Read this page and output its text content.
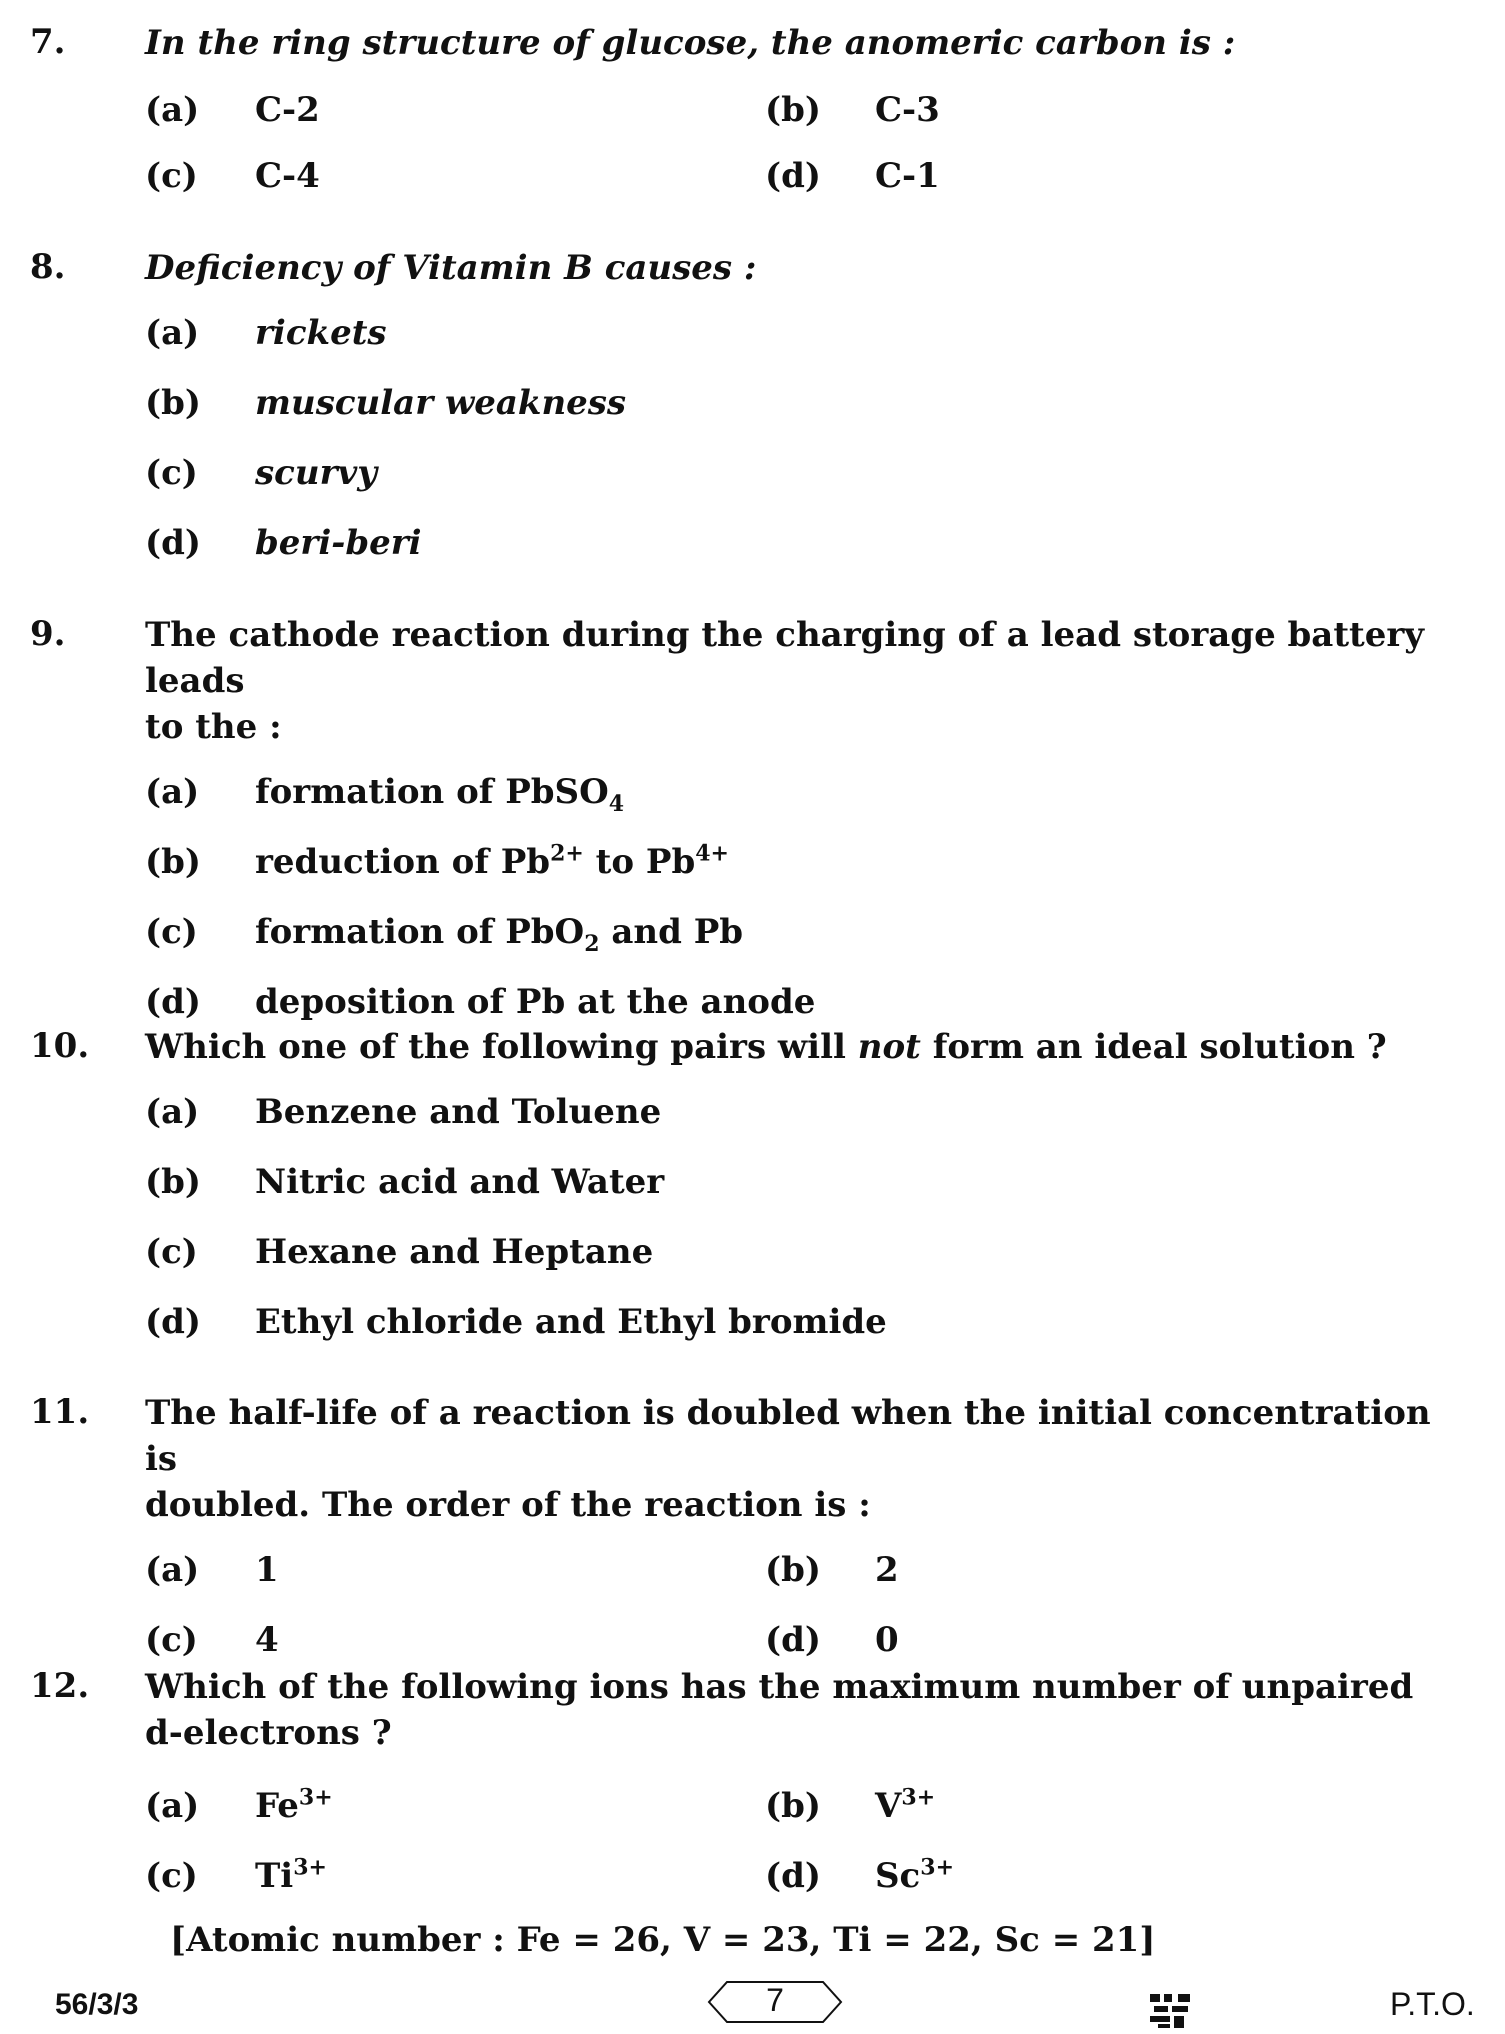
7.	In the ring structure of glucose, the anomeric carbon is :
(a) C-2	(b) C-3
(c) C-4	(d) C-1
8.	Deficiency of Vitamin B causes :
(a) rickets
(b) muscular weakness
(c) scurvy
(d) beri-beri
9.	The cathode reaction during the charging of a lead storage battery leads
to the :
(a) formation of PbSO$_4$
(b) reduction of $Pb^{2+}$ to $Pb^{4+}$
(c) formation of PbO$_2$ and Pb
(d) deposition of Pb at the anode
10.	Which one of the following pairs will not form an ideal solution ?
(a) Benzene and Toluene
(b) Nitric acid and Water
(c) Hexane and Heptane
(d) Ethyl chloride and Ethyl bromide
11.	The half-life of a reaction is doubled when the initial concentration is
doubled. The order of the reaction is :
(a) 1	(b) 2
(c) 4	(d) 0
12.	Which of the following ions has the maximum number of unpaired
d-electrons ?
(a) $Fe^{3+}$	(b) $V^{3+}$
(c) $Ti^{3+}$	(d) $Sc^{3+}$
[Atomic number : Fe = 26, V = 23, Ti = 22, Sc = 21]
56/3/3	7	P.T.O.
